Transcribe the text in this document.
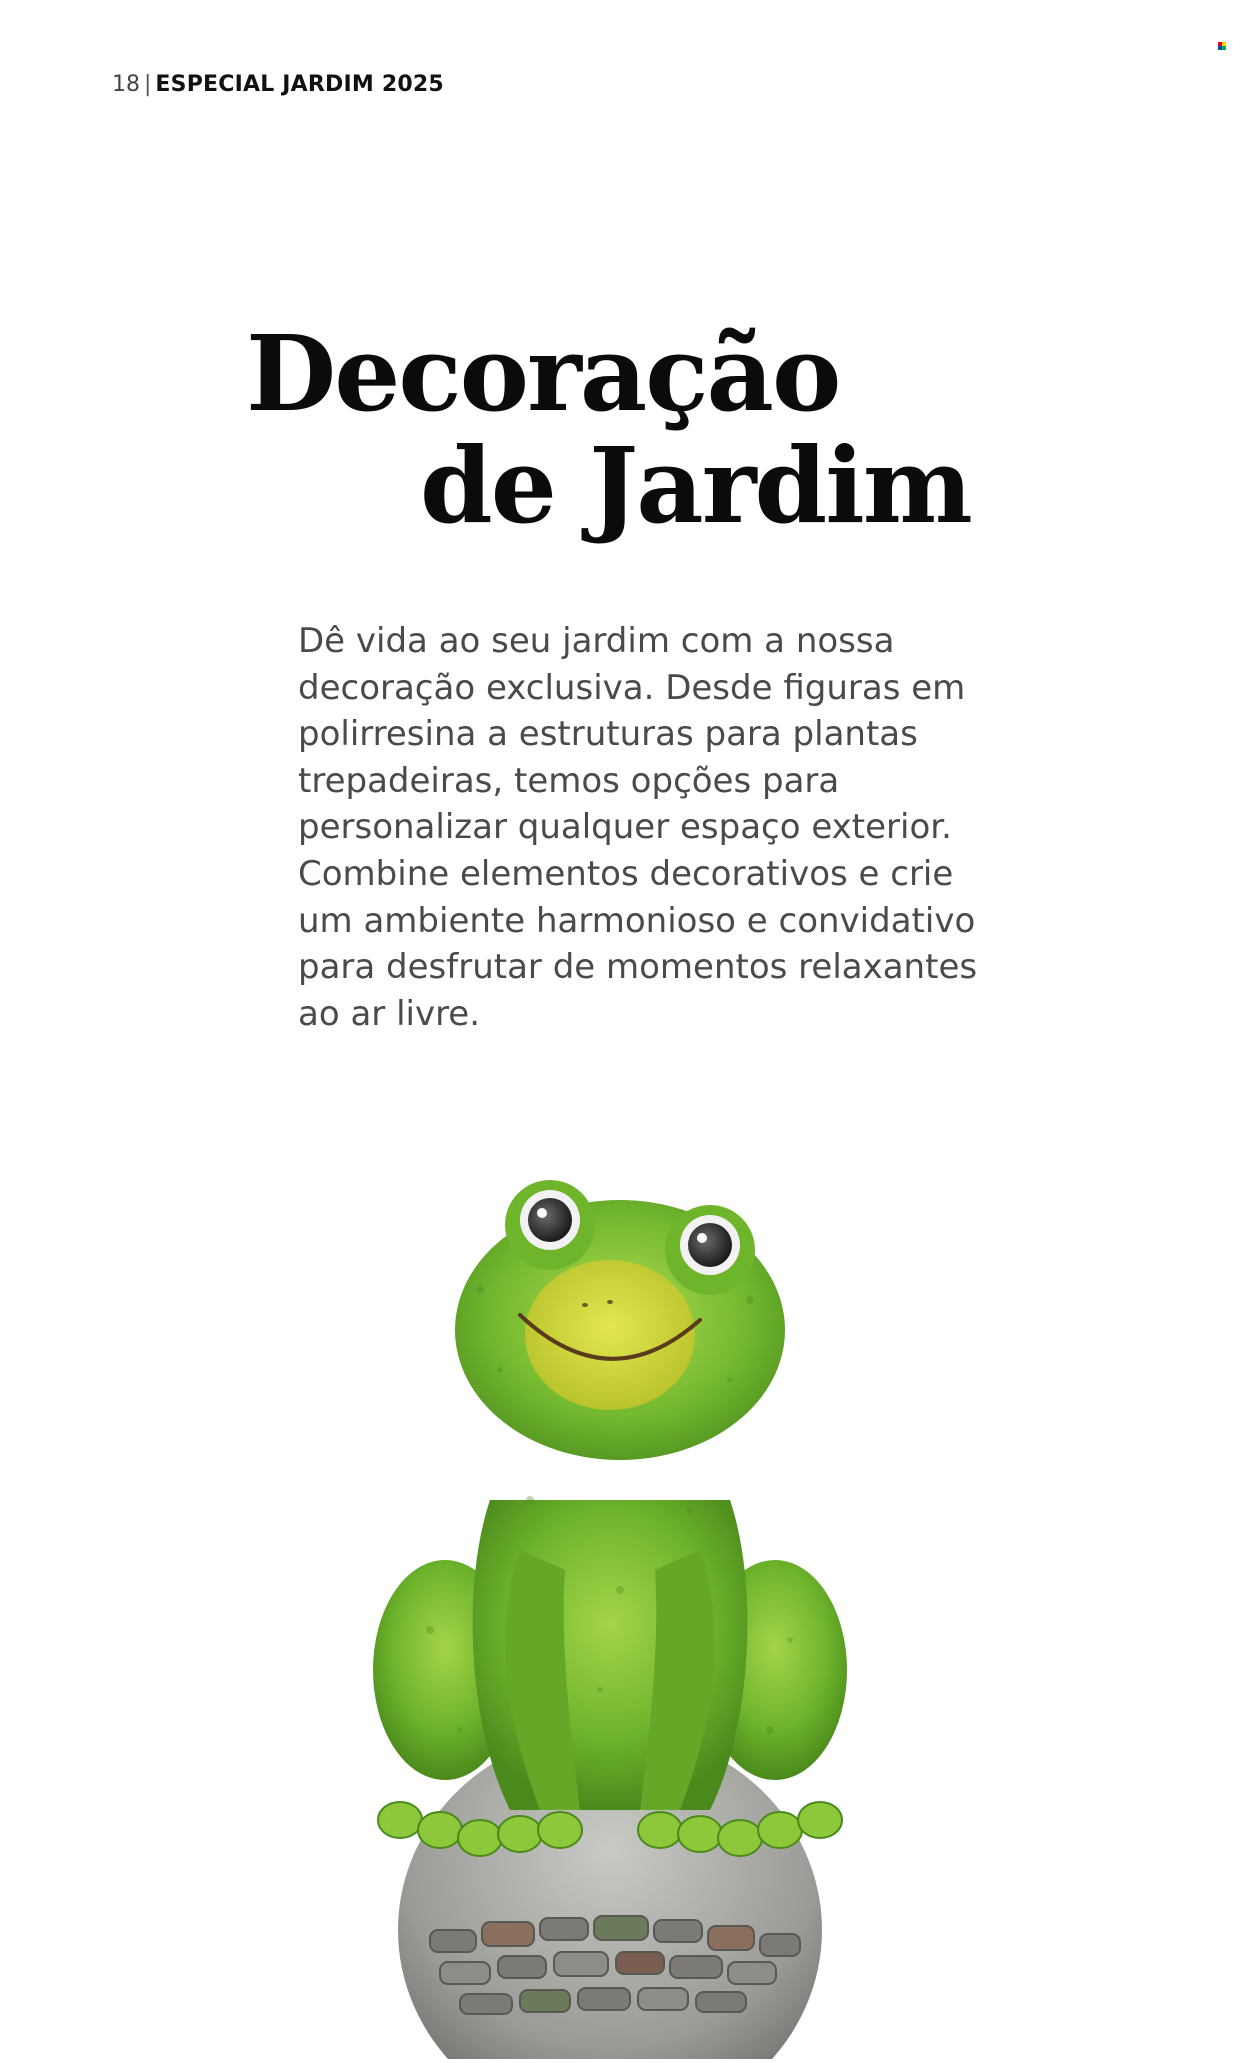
18 | ESPECIAL JARDIM 2025
Decoração
de Jardim
Dê vida ao seu jardim com a nossa
decoração exclusiva. Desde figuras em
polirresina a estruturas para plantas
trepadeiras, temos opções para
personalizar qualquer espaço exterior.
Combine elementos decorativos e crie
um ambiente harmonioso e convidativo
para desfrutar de momentos relaxantes
ao ar livre.
